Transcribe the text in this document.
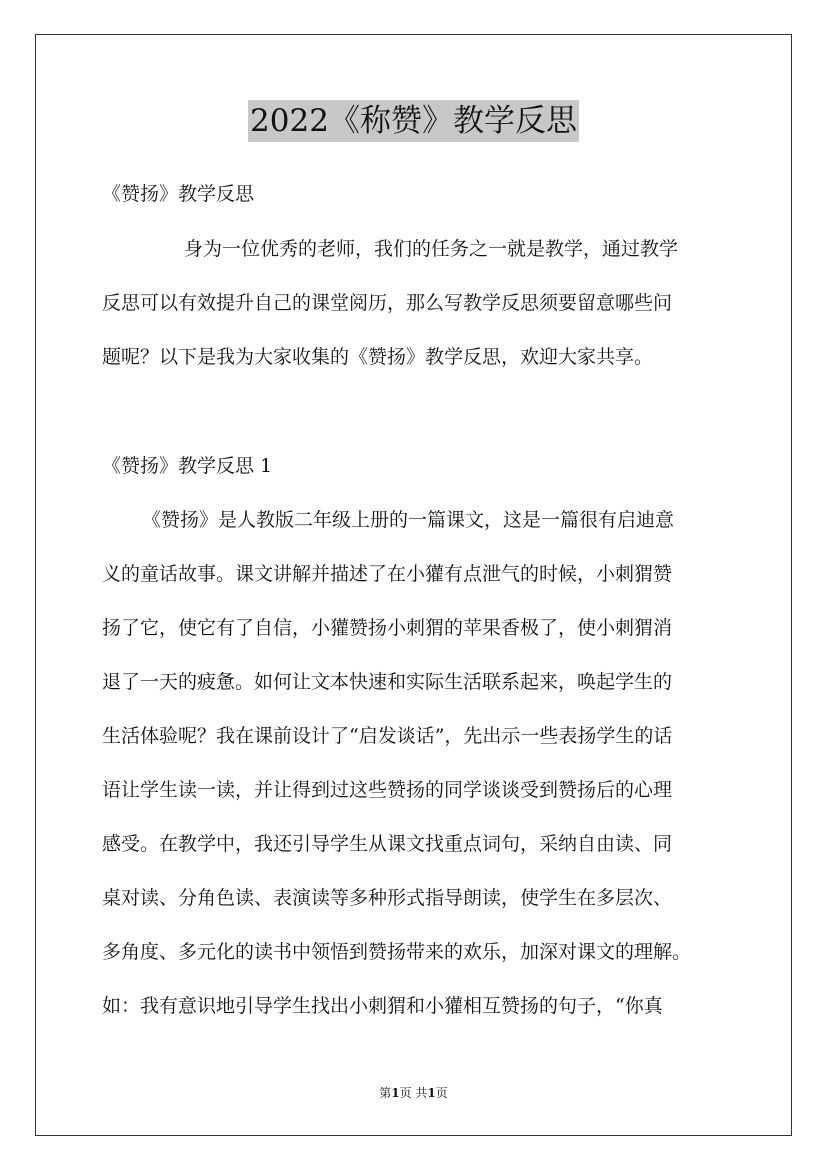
2022《称赞》教学反思
《赞扬》教学反思
身为一位优秀的老师，我们的任务之一就是教学，通过教学
反思可以有效提升自己的课堂阅历，那么写教学反思须要留意哪些问
题呢？以下是我为大家收集的《赞扬》教学反思，欢迎大家共享。
《赞扬》教学反思 1
《赞扬》是人教版二年级上册的一篇课文，这是一篇很有启迪意
义的童话故事。课文讲解并描述了在小獾有点泄气的时候，小刺猬赞
扬了它，使它有了自信，小獾赞扬小刺猬的苹果香极了，使小刺猬消
退了一天的疲惫。如何让文本快速和实际生活联系起来，唤起学生的
生活体验呢？我在课前设计了“启发谈话”，先出示一些表扬学生的话
语让学生读一读，并让得到过这些赞扬的同学谈谈受到赞扬后的心理
感受。在教学中，我还引导学生从课文找重点词句，采纳自由读、同
桌对读、分角色读、表演读等多种形式指导朗读，使学生在多层次、
多角度、多元化的读书中领悟到赞扬带来的欢乐，加深对课文的理解。
如：我有意识地引导学生找出小刺猬和小獾相互赞扬的句子，“你真
第1页 共1页
